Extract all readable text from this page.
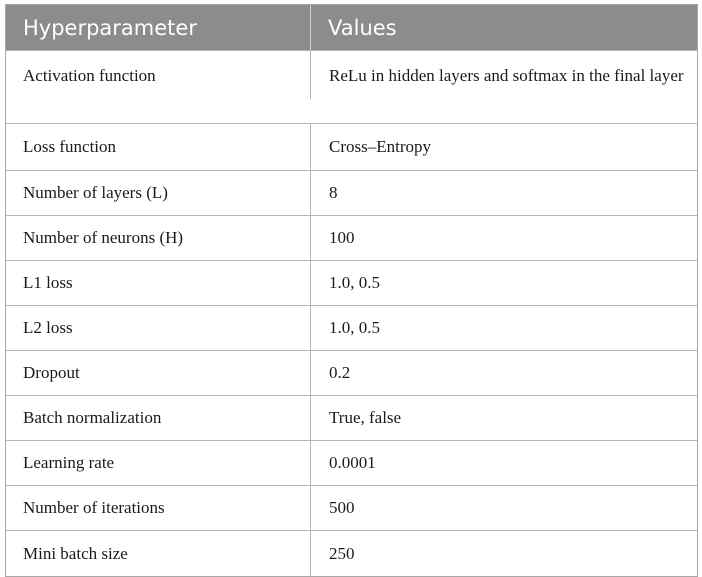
Hyperparameter	Values
Activation function	ReLu in hidden layers and softmax in the final layer
Loss function	Cross–Entropy
Number of layers (L)	8
Number of neurons (H)	100
L1 loss	1.0, 0.5
L2 loss	1.0, 0.5
Dropout	0.2
Batch normalization	True, false
Learning rate	0.0001
Number of iterations	500
Mini batch size	250
